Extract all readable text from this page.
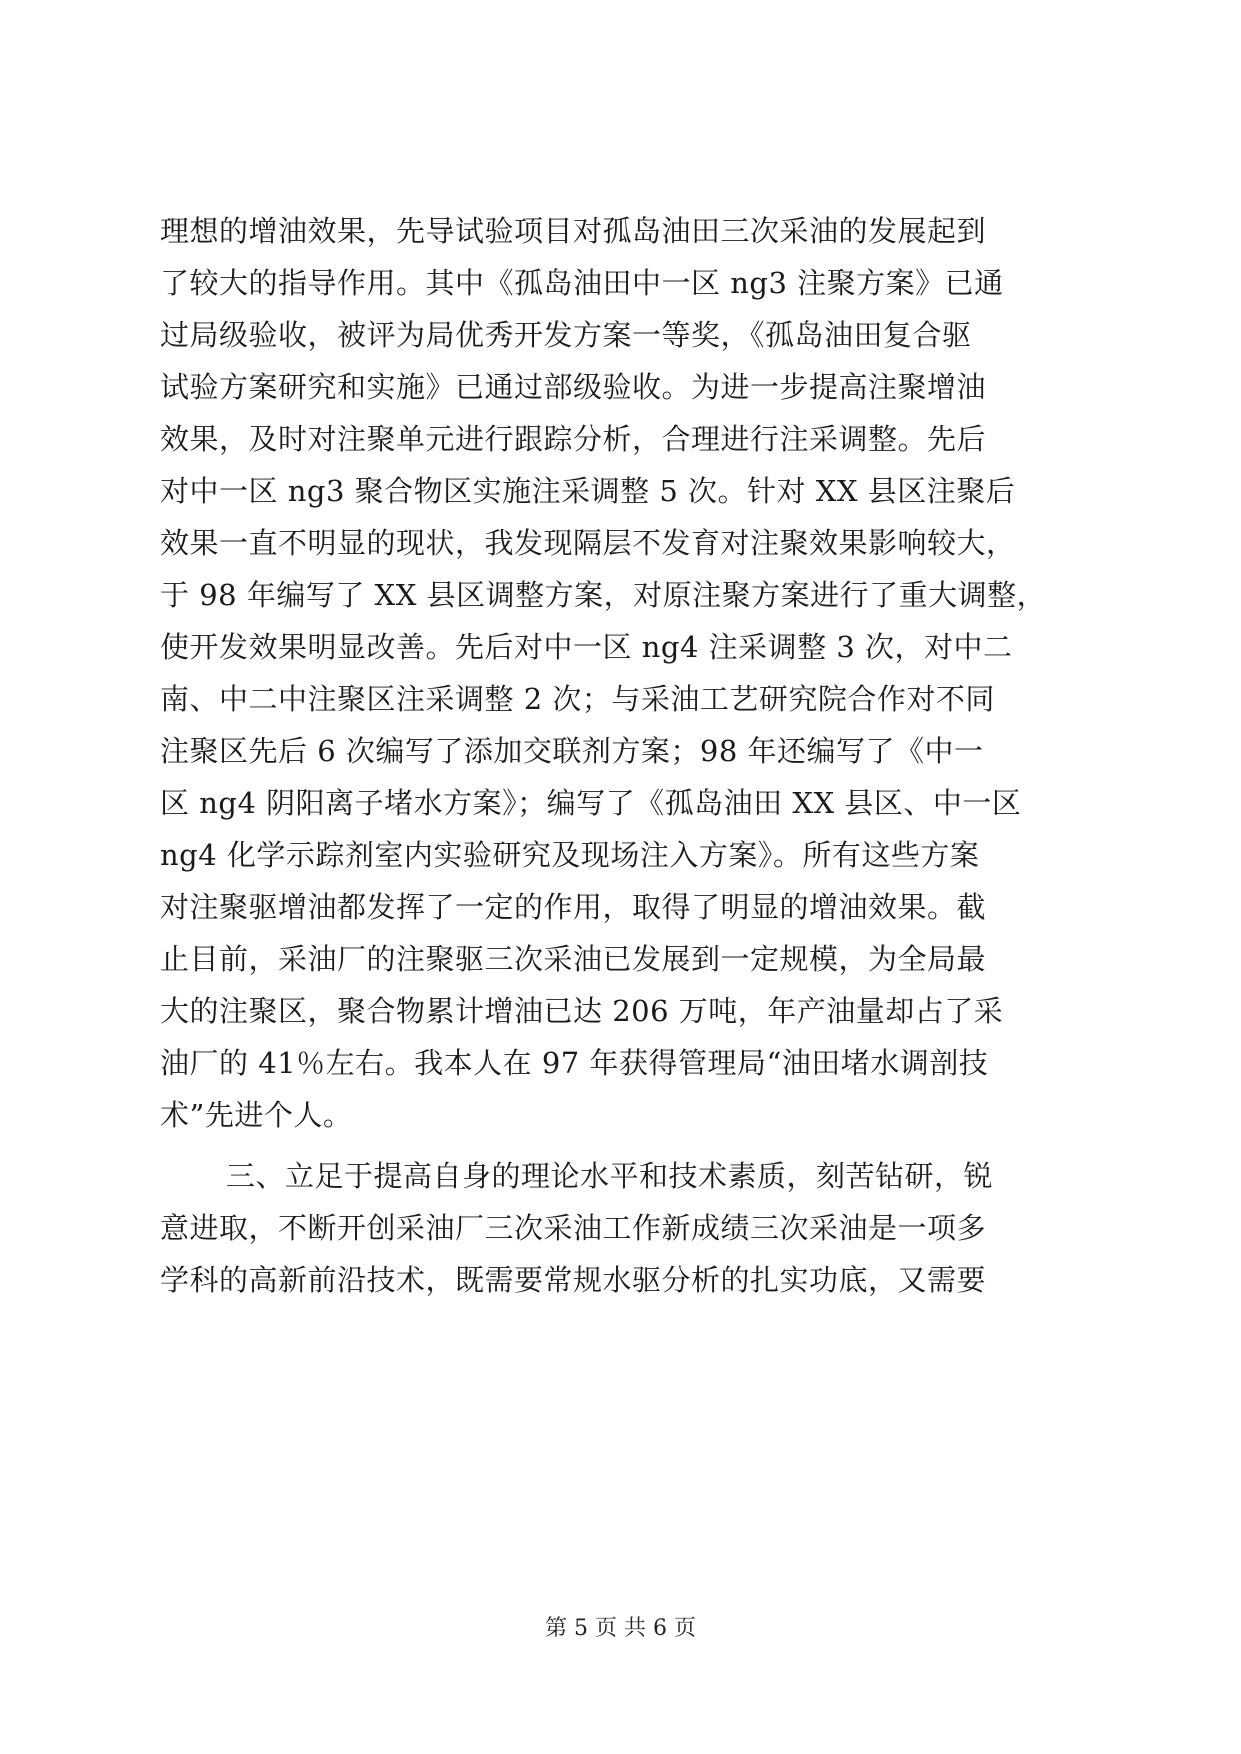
理想的增油效果，先导试验项目对孤岛油田三次采油的发展起到
了较大的指导作用。其中《孤岛油田中一区 ng3 注聚方案》已通
过局级验收，被评为局优秀开发方案一等奖，《孤岛油田复合驱
试验方案研究和实施》已通过部级验收。为进一步提高注聚增油
效果，及时对注聚单元进行跟踪分析，合理进行注采调整。先后
对中一区 ng3 聚合物区实施注采调整 5 次。针对 XX 县区注聚后
效果一直不明显的现状，我发现隔层不发育对注聚效果影响较大，
于 98 年编写了 XX 县区调整方案，对原注聚方案进行了重大调整，
使开发效果明显改善。先后对中一区 ng4 注采调整 3 次，对中二
南、中二中注聚区注采调整 2 次；与采油工艺研究院合作对不同
注聚区先后 6 次编写了添加交联剂方案；98 年还编写了《中一
区 ng4 阴阳离子堵水方案》；编写了《孤岛油田 XX 县区、中一区
ng4 化学示踪剂室内实验研究及现场注入方案》。所有这些方案
对注聚驱增油都发挥了一定的作用，取得了明显的增油效果。截
止目前，采油厂的注聚驱三次采油已发展到一定规模，为全局最
大的注聚区，聚合物累计增油已达 206 万吨，年产油量却占了采
油厂的 41％左右。我本人在 97 年获得管理局“油田堵水调剖技
术”先进个人。
三、立足于提高自身的理论水平和技术素质，刻苦钻研，锐
意进取，不断开创采油厂三次采油工作新成绩三次采油是一项多
学科的高新前沿技术，既需要常规水驱分析的扎实功底，又需要
第 5 页 共 6 页
